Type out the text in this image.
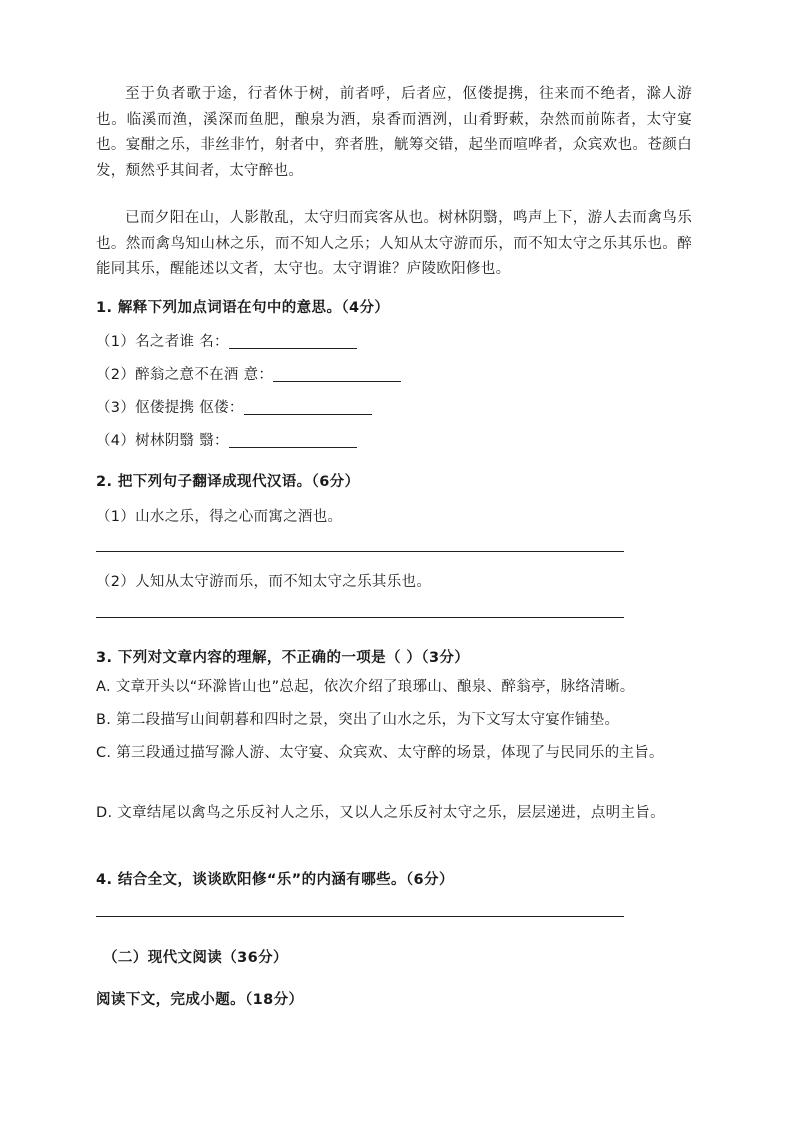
至于负者歌于途，行者休于树，前者呼，后者应，伛偻提携，往来而不绝者，滁人游也。临溪而渔，溪深而鱼肥，酿泉为酒，泉香而酒洌，山肴野蔌，杂然而前陈者，太守宴也。宴酣之乐，非丝非竹，射者中，弈者胜，觥筹交错，起坐而喧哗者，众宾欢也。苍颜白发，颓然乎其间者，太守醉也。

已而夕阳在山，人影散乱，太守归而宾客从也。树林阴翳，鸣声上下，游人去而禽鸟乐也。然而禽鸟知山林之乐，而不知人之乐；人知从太守游而乐，而不知太守之乐其乐也。醉能同其乐，醒能述以文者，太守也。太守谓谁？庐陵欧阳修也。

1. 解释下列加点词语在句中的意思。（4分）
（1）名之者谁 名：
（2）醉翁之意不在酒 意：
（3）伛偻提携 伛偻：
（4）树林阴翳 翳：
2. 把下列句子翻译成现代汉语。（6分）
（1）山水之乐，得之心而寓之酒也。
（2）人知从太守游而乐，而不知太守之乐其乐也。
3. 下列对文章内容的理解，不正确的一项是（ ）（3分）
A. 文章开头以“环滁皆山也”总起，依次介绍了琅琊山、酿泉、醉翁亭，脉络清晰。
B. 第二段描写山间朝暮和四时之景，突出了山水之乐，为下文写太守宴作铺垫。
C. 第三段通过描写滁人游、太守宴、众宾欢、太守醉的场景，体现了与民同乐的主旨。
D. 文章结尾以禽鸟之乐反衬人之乐，又以人之乐反衬太守之乐，层层递进，点明主旨。
4. 结合全文，谈谈欧阳修“乐”的内涵有哪些。（6分）
（二）现代文阅读（36分）
阅读下文，完成小题。（18分）
